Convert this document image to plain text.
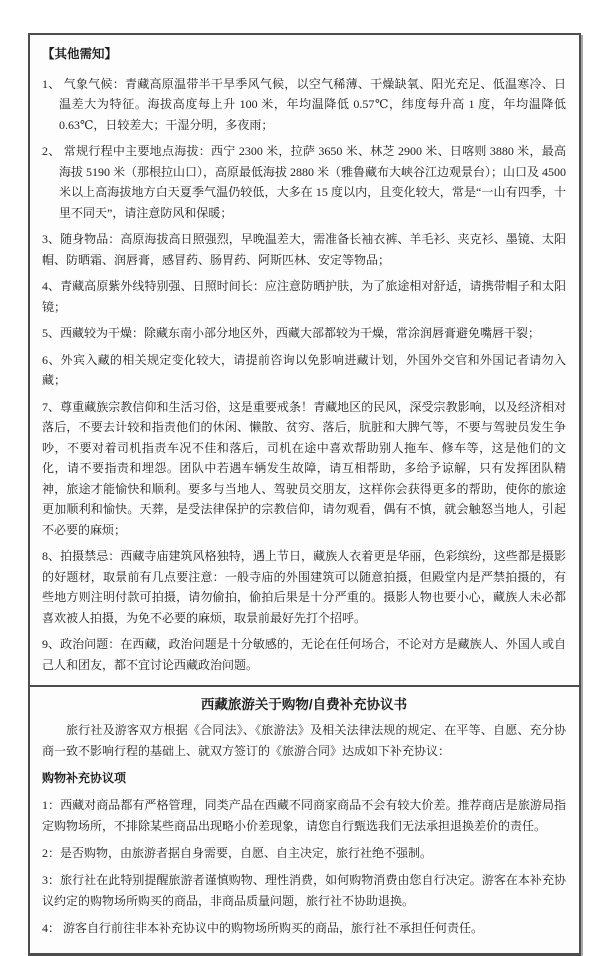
【其他需知】

1、 气象气候：青藏高原温带半干旱季风气候，以空气稀薄、干燥缺氧、阳光充足、低温寒冷、日温差大为特征。海拔高度每上升 100 米，年均温降低 0.57℃，纬度每升高 1 度，年均温降低 0.63℃，日较差大；干湿分明，多夜雨；

2、 常规行程中主要地点海拔：西宁 2300 米，拉萨 3650 米、林芝 2900 米、日喀则 3880 米，最高海拔 5190 米（那根拉山口），高原最低海拔 2880 米（雅鲁藏布大峡谷江边观景台）；山口及 4500 米以上高海拔地方白天夏季气温仍较低，大多在 15 度以内，且变化较大，常是“一山有四季，十里不同天”，请注意防风和保暖；

3、随身物品：高原海拔高日照强烈，早晚温差大，需准备长袖衣裤、羊毛衫、夹克衫、墨镜、太阳帽、防晒霜、润唇膏，感冒药、肠胃药、阿斯匹林、安定等物品；

4、青藏高原紫外线特别强、日照时间长：应注意防晒护肤，为了旅途相对舒适，请携带帽子和太阳镜；

5、西藏较为干燥：除藏东南小部分地区外，西藏大部都较为干燥，常涂润唇膏避免嘴唇干裂；

6、外宾入藏的相关规定变化较大，请提前咨询以免影响进藏计划，外国外交官和外国记者请勿入藏；

7、尊重藏族宗教信仰和生活习俗，这是重要戒条！青藏地区的民风，深受宗教影响，以及经济相对落后，不要去计较和指责他们的休闲、懒散、贫穷、落后，肮脏和大脾气等，不要与驾驶员发生争吵，不要对着司机指责车况不佳和落后，司机在途中喜欢帮助别人拖车、修车等，这是他们的文化，请不要指责和埋怨。团队中若遇车辆发生故障，请互相帮助，多给予谅解，只有发挥团队精神，旅途才能愉快和顺利。要多与当地人、驾驶员交朋友，这样你会获得更多的帮助，使你的旅途更加顺利和愉快。天葬，是受法律保护的宗教信仰，请勿观看，偶有不慎，就会触怒当地人，引起不必要的麻烦；

8、拍摄禁忌：西藏寺庙建筑风格独特，遇上节日，藏族人衣着更是华丽，色彩缤纷，这些都是摄影的好题材，取景前有几点要注意：一般寺庙的外围建筑可以随意拍摄，但殿堂内是严禁拍摄的，有些地方则注明付款可拍摄，请勿偷拍，偷拍后果是十分严重的。摄影人物也要小心，藏族人未必都喜欢被人拍摄，为免不必要的麻烦，取景前最好先打个招呼。

9、政治问题：在西藏，政治问题是十分敏感的，无论在任何场合，不论对方是藏族人、外国人或自己人和团友，都不宜讨论西藏政治问题。

西藏旅游关于购物/自费补充协议书

旅行社及游客双方根据《合同法》、《旅游法》及相关法律法规的规定、在平等、自愿、充分协商一致不影响行程的基础上、就双方签订的《旅游合同》达成如下补充协议：

购物补充协议项

1：西藏对商品都有严格管理，同类产品在西藏不同商家商品不会有较大价差。推荐商店是旅游局指定购物场所，不排除某些商品出现略小价差现象，请您自行甄选我们无法承担退换差价的责任。

2：是否购物，由旅游者据自身需要，自愿、自主决定，旅行社绝不强制。

3：旅行社在此特别提醒旅游者谨慎购物、理性消费，如何购物消费由您自行决定。游客在本补充协议约定的购物场所购买的商品，非商品质量问题，旅行社不协助退换。

4： 游客自行前往非本补充协议中的购物场所购买的商品，旅行社不承担任何责任。
